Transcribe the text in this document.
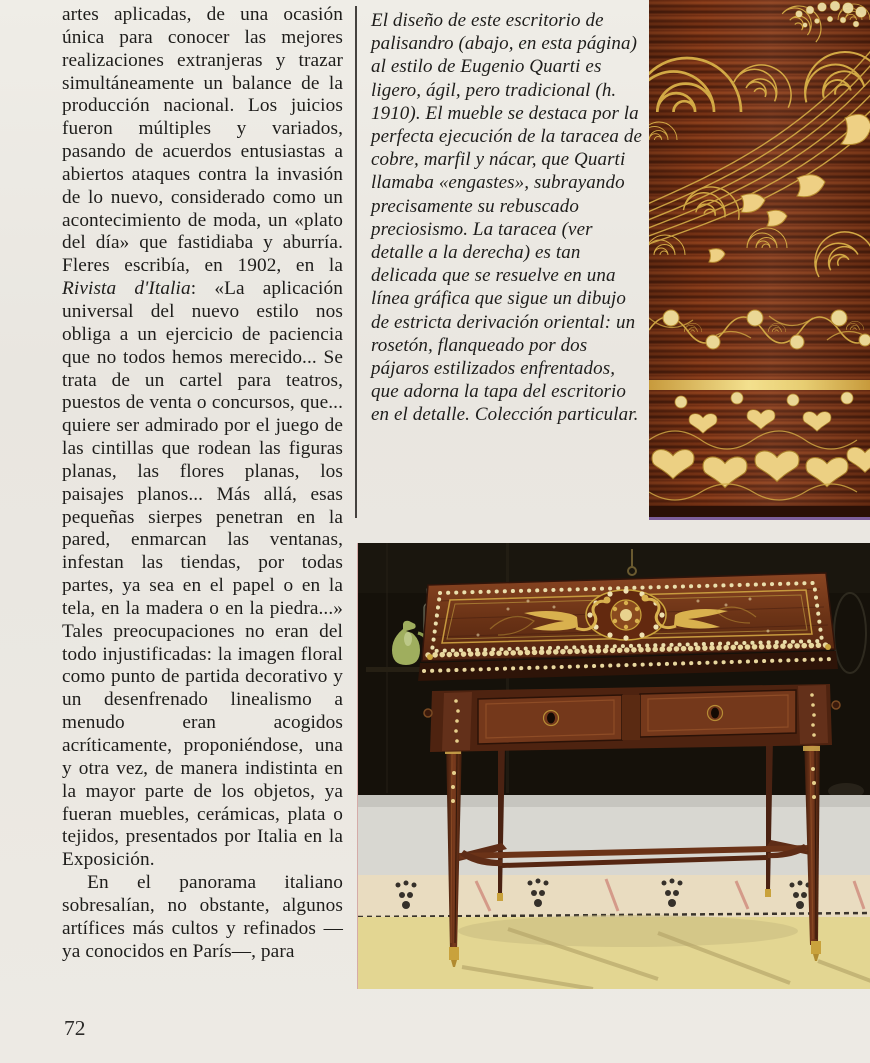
artes aplicadas, de una ocasión única para conocer las mejores realizaciones extranjeras y trazar simultáneamente un balance de la producción nacional. Los juicios fueron múltiples y variados, pasando de acuerdos entusiastas a abiertos ataques contra la invasión de lo nuevo, considerado como un acontecimiento de moda, un «plato del día» que fastidiaba y aburría. Fleres escribía, en 1902, en la Rivista d'Italia: «La aplicación universal del nuevo estilo nos obliga a un ejercicio de paciencia que no todos hemos merecido... Se trata de un cartel para teatros, puestos de venta o concursos, que... quiere ser admirado por el juego de las cintillas que rodean las figuras planas, las flores planas, los paisajes planos... Más allá, esas pequeñas sierpes penetran en la pared, enmarcan las ventanas, infestan las tiendas, por todas partes, ya sea en el papel o en la tela, en la madera o en la piedra...» Tales preocupaciones no eran del todo injustificadas: la imagen floral como punto de partida decorativo y un desenfrenado linealismo a menudo eran acogidos acríticamente, proponiéndose, una y otra vez, de manera indistinta en la mayor parte de los objetos, ya fueran muebles, cerámicas, plata o tejidos, presentados por Italia en la Exposición.

En el panorama italiano sobresalían, no obstante, algunos artífices más cultos y refinados —ya conocidos en París—, para

El diseño de este escritorio de palisandro (abajo, en esta página) al estilo de Eugenio Quarti es ligero, ágil, pero tradicional (h. 1910). El mueble se destaca por la perfecta ejecución de la taracea de cobre, marfil y nácar, que Quarti llamaba «engastes», subrayando precisamente su rebuscado preciosismo. La taracea (ver detalle a la derecha) es tan delicada que se resuelve en una línea gráfica que sigue un dibujo de estricta derivación oriental: un rosetón, flanqueado por dos pájaros estilizados enfrentados, que adorna la tapa del escritorio en el detalle. Colección particular.

72
